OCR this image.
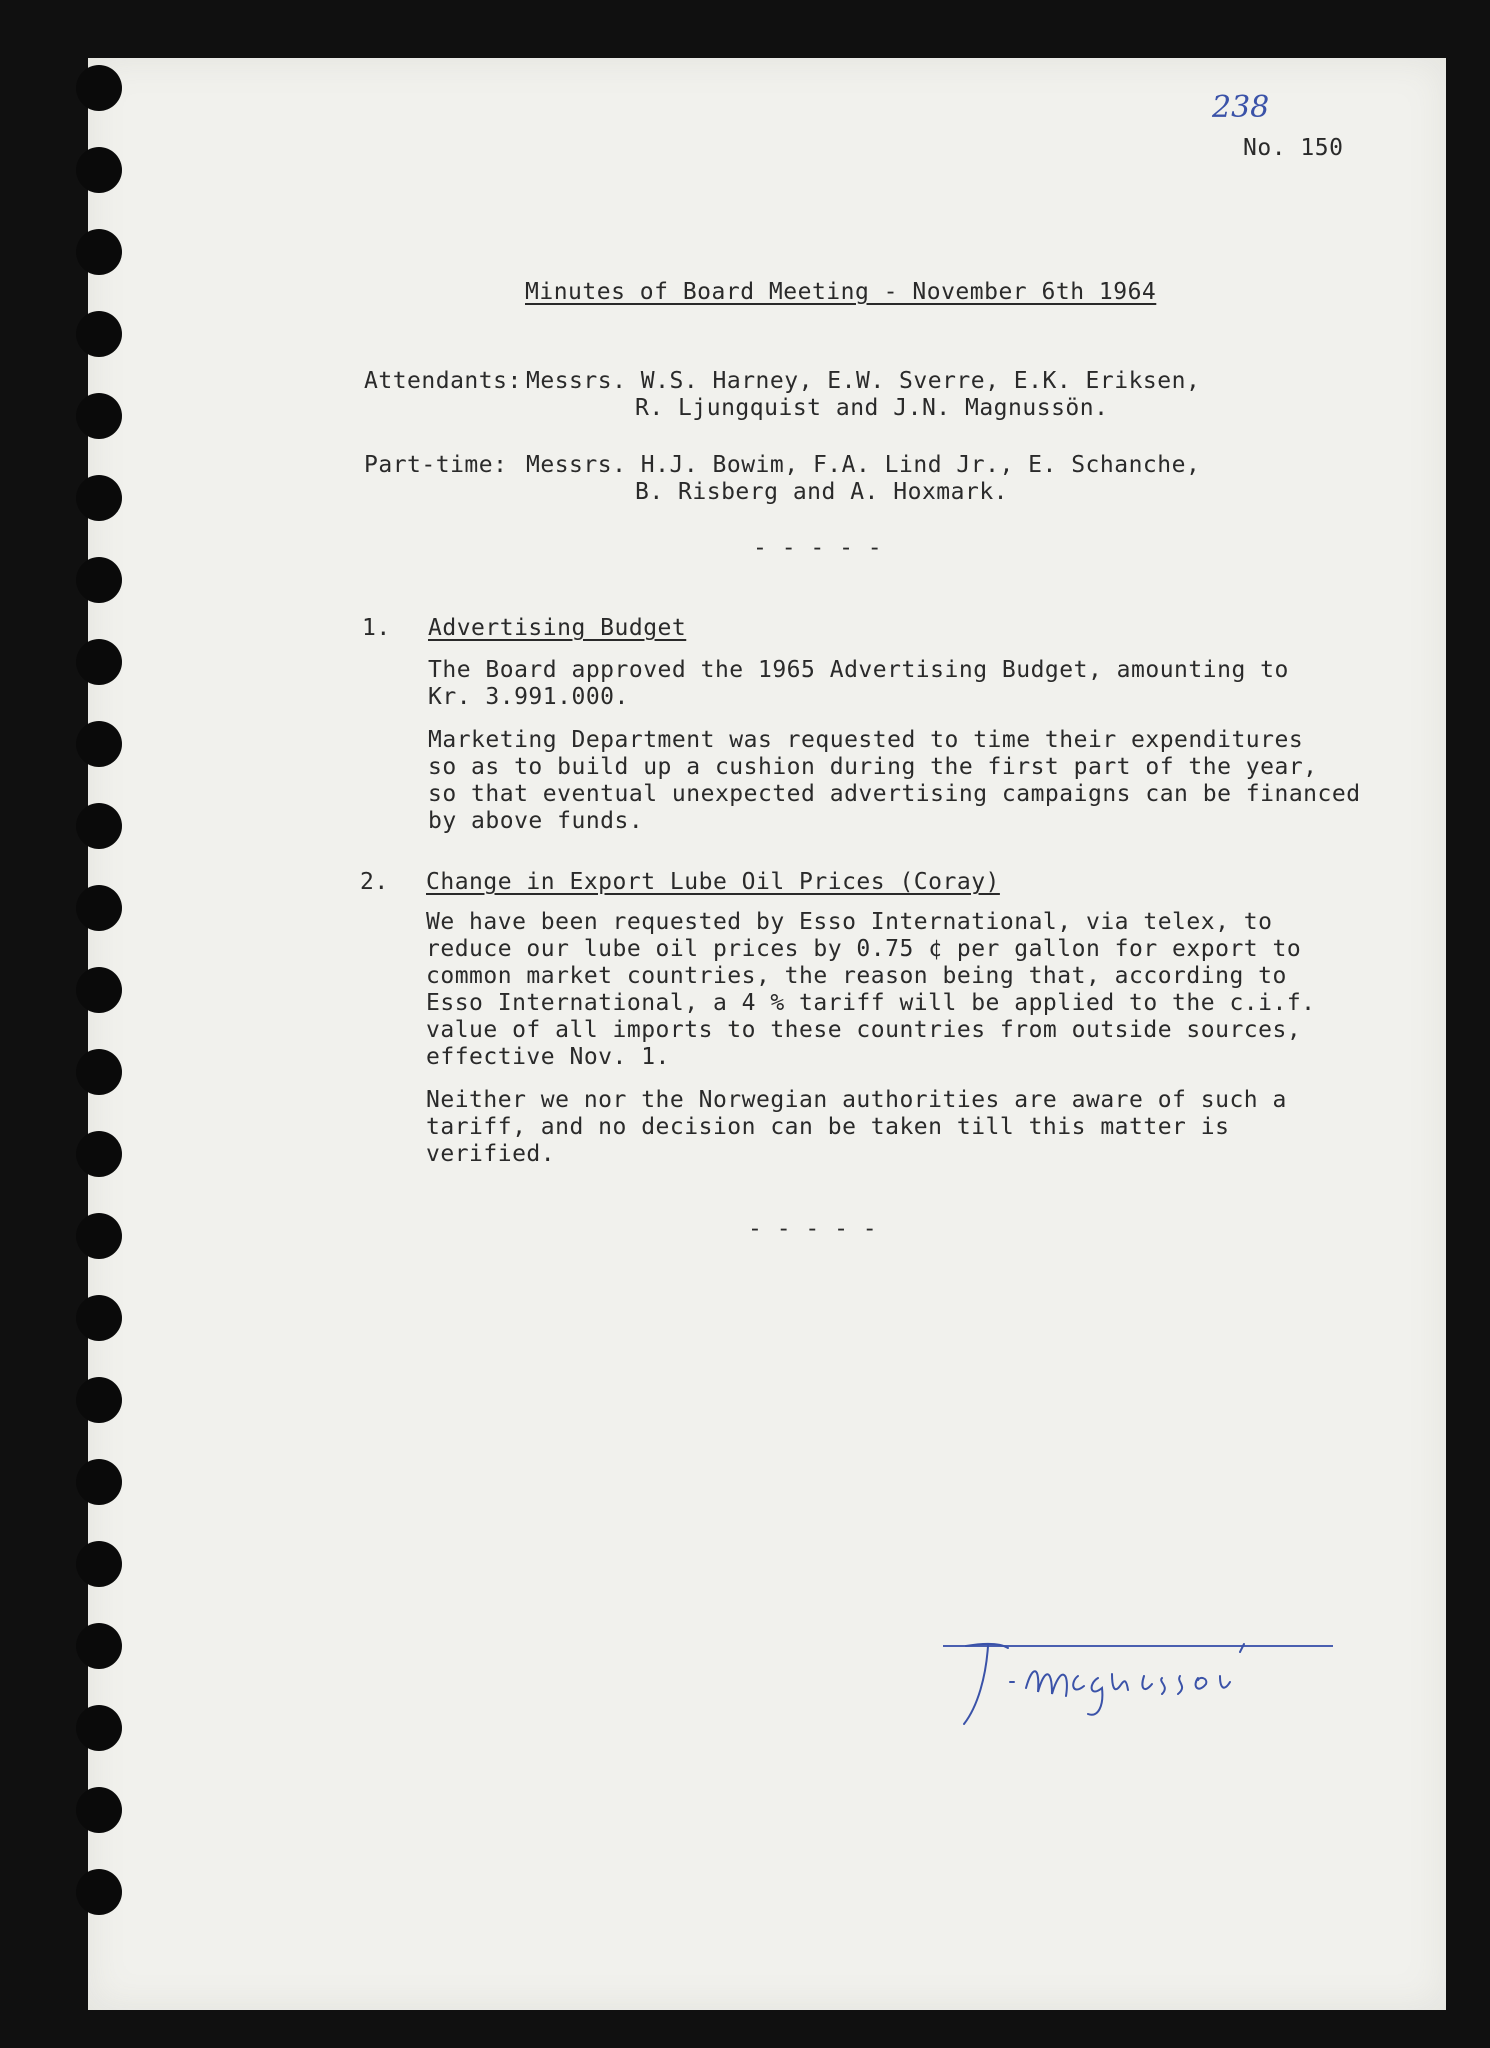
238
No. 150
Minutes of Board Meeting - November 6th 1964
Attendants: Messrs. W.S. Harney, E.W. Sverre, E.K. Eriksen,
R. Ljungquist and J.N. Magnussön.
Part-time: Messrs. H.J. Bowim, F.A. Lind Jr., E. Schanche,
B. Risberg and A. Hoxmark.
- - - - -
1. Advertising Budget
The Board approved the 1965 Advertising Budget, amounting to
Kr. 3.991.000.
Marketing Department was requested to time their expenditures
so as to build up a cushion during the first part of the year,
so that eventual unexpected advertising campaigns can be financed
by above funds.
2. Change in Export Lube Oil Prices (Coray)
We have been requested by Esso International, via telex, to
reduce our lube oil prices by 0.75 ¢ per gallon for export to
common market countries, the reason being that, according to
Esso International, a 4 % tariff will be applied to the c.i.f.
value of all imports to these countries from outside sources,
effective Nov. 1.
Neither we nor the Norwegian authorities are aware of such a
tariff, and no decision can be taken till this matter is
verified.
- - - - -
